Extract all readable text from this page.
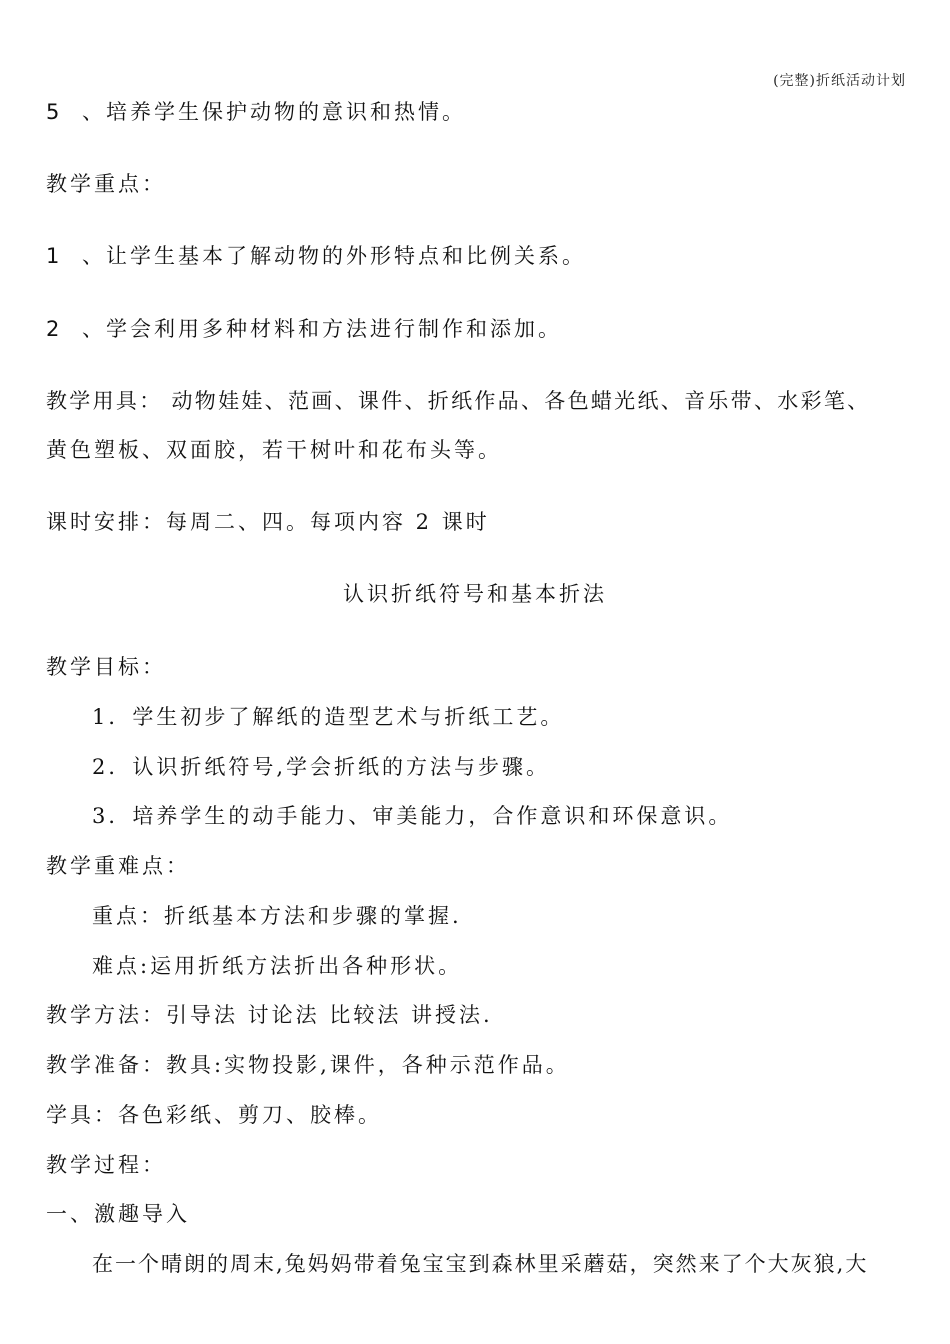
(完整)折纸活动计划
5 、培养学生保护动物的意识和热情。
教学重点：
1 、让学生基本了解动物的外形特点和比例关系。
2 、学会利用多种材料和方法进行制作和添加。
教学用具： 动物娃娃、范画、课件、折纸作品、各色蜡光纸、音乐带、水彩笔、
黄色塑板、双面胶，若干树叶和花布头等。
课时安排：每周二、四。每项内容 2 课时
认识折纸符号和基本折法
教学目标：
1．学生初步了解纸的造型艺术与折纸工艺。
2．认识折纸符号,学会折纸的方法与步骤。
3．培养学生的动手能力、审美能力，合作意识和环保意识。
教学重难点：
重点：折纸基本方法和步骤的掌握.
难点:运用折纸方法折出各种形状。
教学方法：引导法 讨论法 比较法 讲授法.
教学准备：教具:实物投影,课件，各种示范作品。
学具：各色彩纸、剪刀、胶棒。
教学过程：
一、激趣导入
在一个晴朗的周末,兔妈妈带着兔宝宝到森林里采蘑菇，突然来了个大灰狼,大
